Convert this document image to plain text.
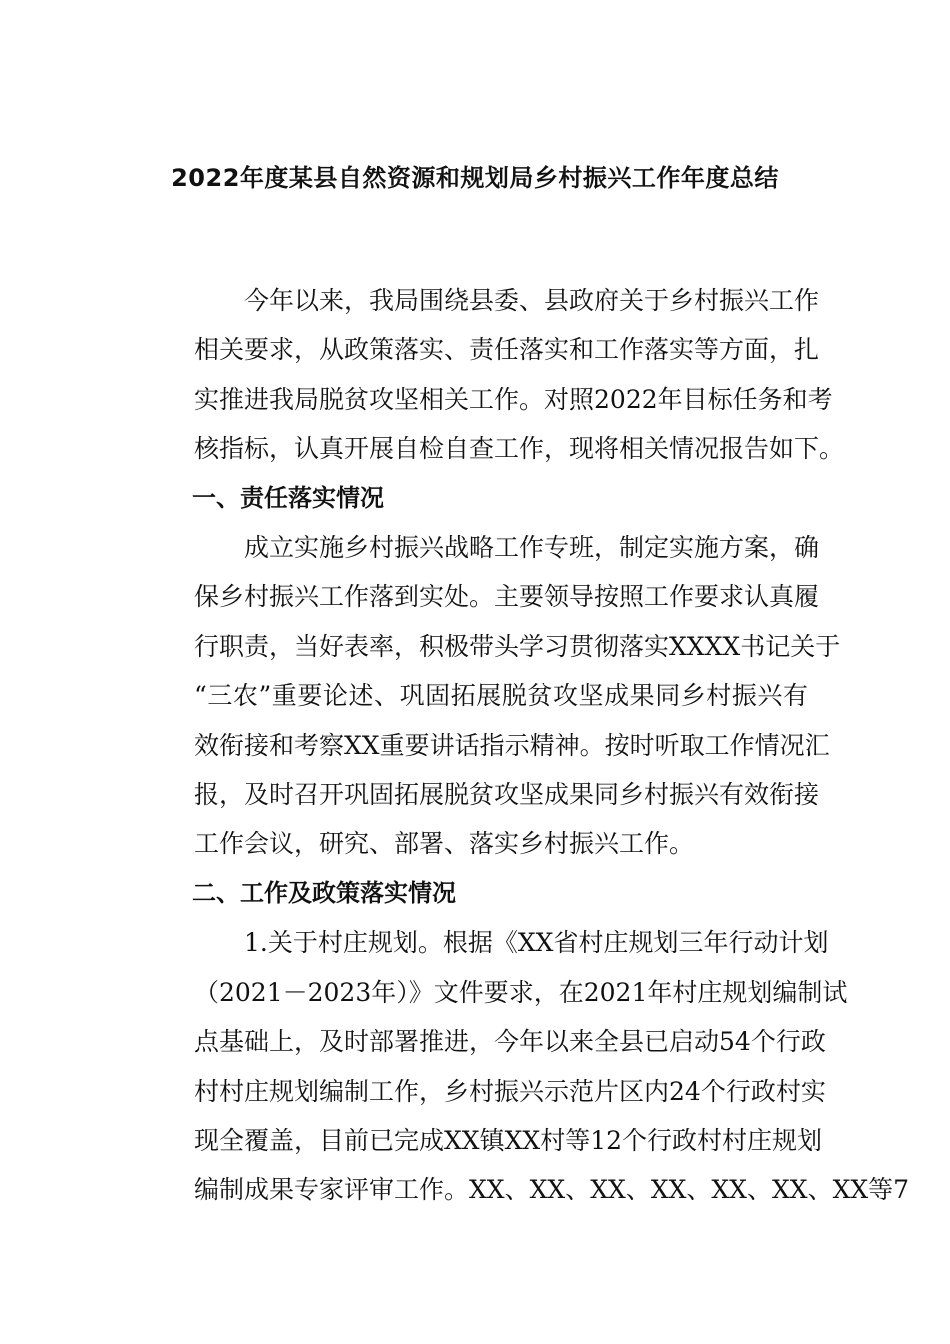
2022年度某县自然资源和规划局乡村振兴工作年度总结
今年以来，我局围绕县委、县政府关于乡村振兴工作
相关要求，从政策落实、责任落实和工作落实等方面，扎
实推进我局脱贫攻坚相关工作。对照2022年目标任务和考
核指标，认真开展自检自查工作，现将相关情况报告如下。
一、责任落实情况
成立实施乡村振兴战略工作专班，制定实施方案，确
保乡村振兴工作落到实处。主要领导按照工作要求认真履
行职责，当好表率，积极带头学习贯彻落实XXXX书记关于
“三农”重要论述、巩固拓展脱贫攻坚成果同乡村振兴有
效衔接和考察XX重要讲话指示精神。按时听取工作情况汇
报，及时召开巩固拓展脱贫攻坚成果同乡村振兴有效衔接
工作会议，研究、部署、落实乡村振兴工作。
二、工作及政策落实情况
1.关于村庄规划。根据《XX省村庄规划三年行动计划
（2021－2023年）》文件要求，在2021年村庄规划编制试
点基础上，及时部署推进，今年以来全县已启动54个行政
村村庄规划编制工作，乡村振兴示范片区内24个行政村实
现全覆盖，目前已完成XX镇XX村等12个行政村村庄规划
编制成果专家评审工作。XX、XX、XX、XX、XX、XX、XX等7
